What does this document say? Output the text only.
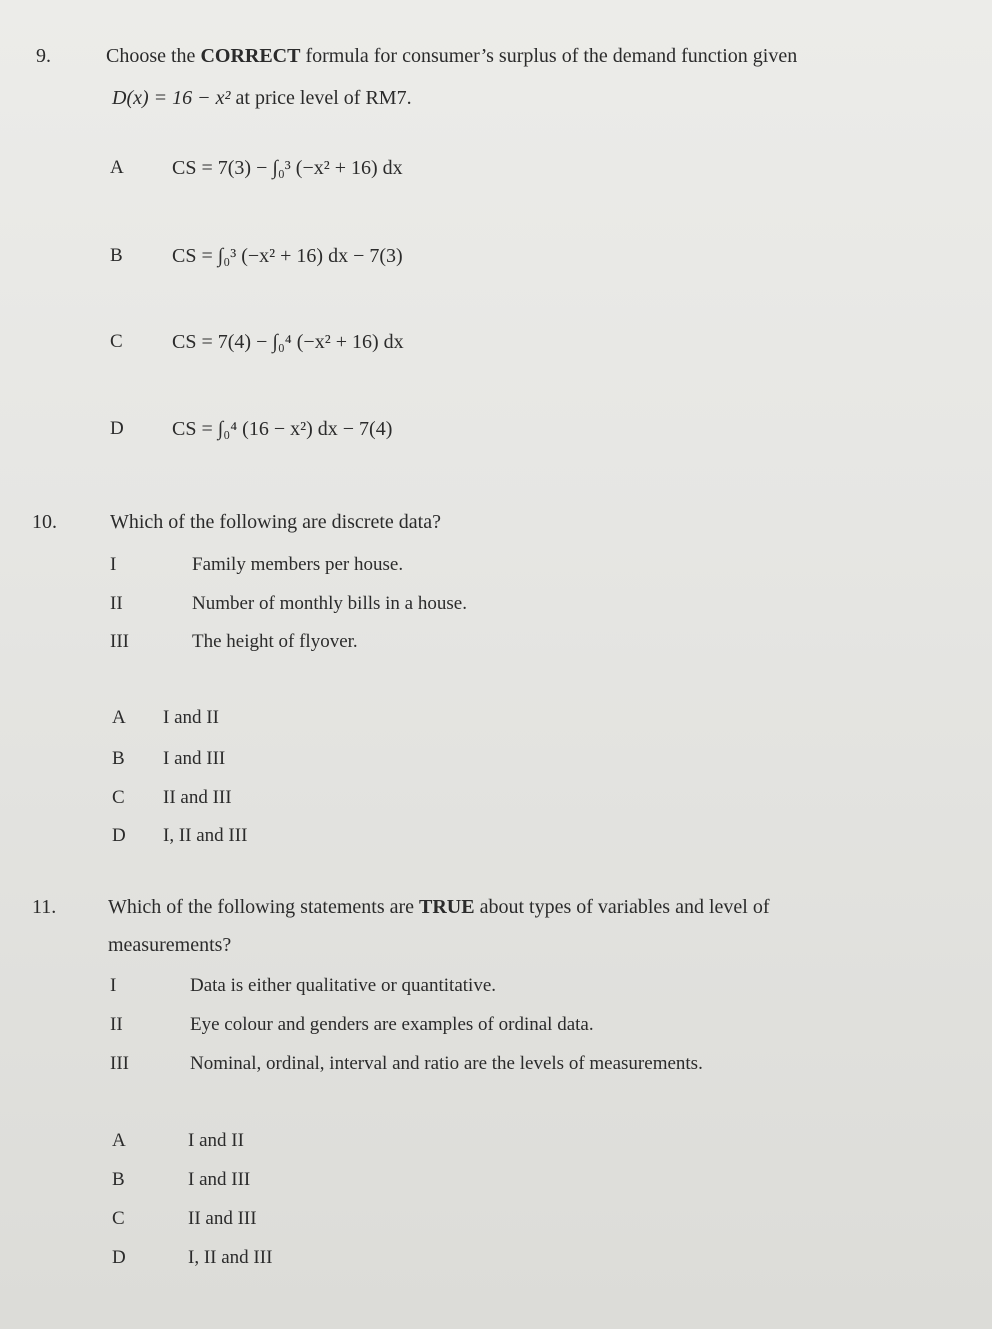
9.	Choose the CORRECT formula for consumer’s surplus of the demand function given
D(x) = 16 − x² at price level of RM7.
A CS = 7(3) − ∫₀³ (−x² + 16) dx
B CS = ∫₀³ (−x² + 16) dx − 7(3)
C CS = 7(4) − ∫₀⁴ (−x² + 16) dx
D CS = ∫₀⁴ (16 − x²) dx − 7(4)
10.	Which of the following are discrete data?
I	Family members per house.
II	Number of monthly bills in a house.
III	The height of flyover.
A I and II
B I and III
C II and III
D I, II and III
11.	Which of the following statements are TRUE about types of variables and level of
measurements?
I	Data is either qualitative or quantitative.
II	Eye colour and genders are examples of ordinal data.
III	Nominal, ordinal, interval and ratio are the levels of measurements.
A	I and II
B	I and III
C	II and III
D	I, II and III
